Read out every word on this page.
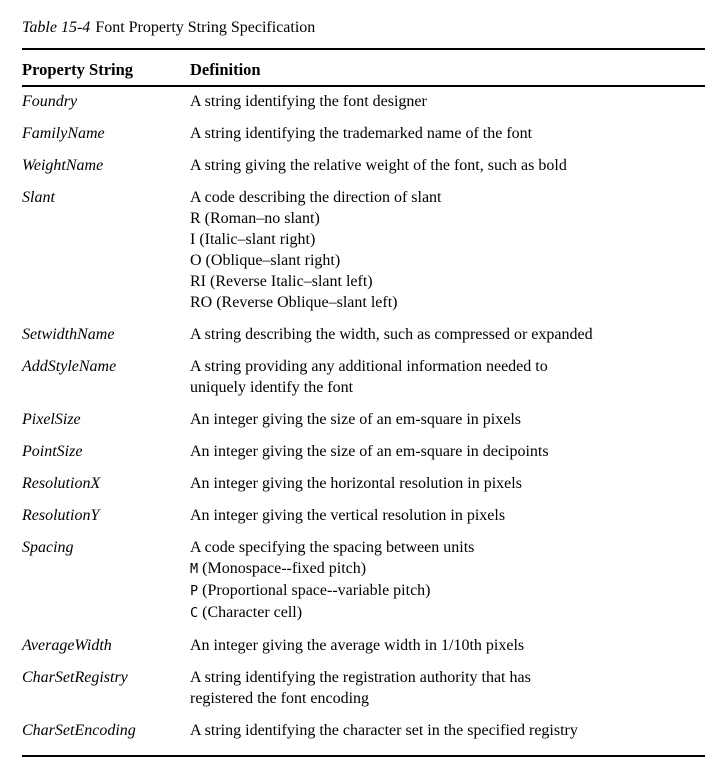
Table 15-4 Font Property String Specification
Property String	Definition
Foundry	A string identifying the font designer
FamilyName	A string identifying the trademarked name of the font
WeightName	A string giving the relative weight of the font, such as bold
Slant	A code describing the direction of slant
R (Roman–no slant)
I (Italic–slant right)
O (Oblique–slant right)
RI (Reverse Italic–slant left)
RO (Reverse Oblique–slant left)
SetwidthName	A string describing the width, such as compressed or expanded
AddStyleName	A string providing any additional information needed to
uniquely identify the font
PixelSize	An integer giving the size of an em-square in pixels
PointSize	An integer giving the size of an em-square in decipoints
ResolutionX	An integer giving the horizontal resolution in pixels
ResolutionY	An integer giving the vertical resolution in pixels
Spacing	A code specifying the spacing between units
M (Monospace--fixed pitch)
P (Proportional space--variable pitch)
C (Character cell)
AverageWidth	An integer giving the average width in 1/10th pixels
CharSetRegistry	A string identifying the registration authority that has
registered the font encoding
CharSetEncoding	A string identifying the character set in the specified registry
